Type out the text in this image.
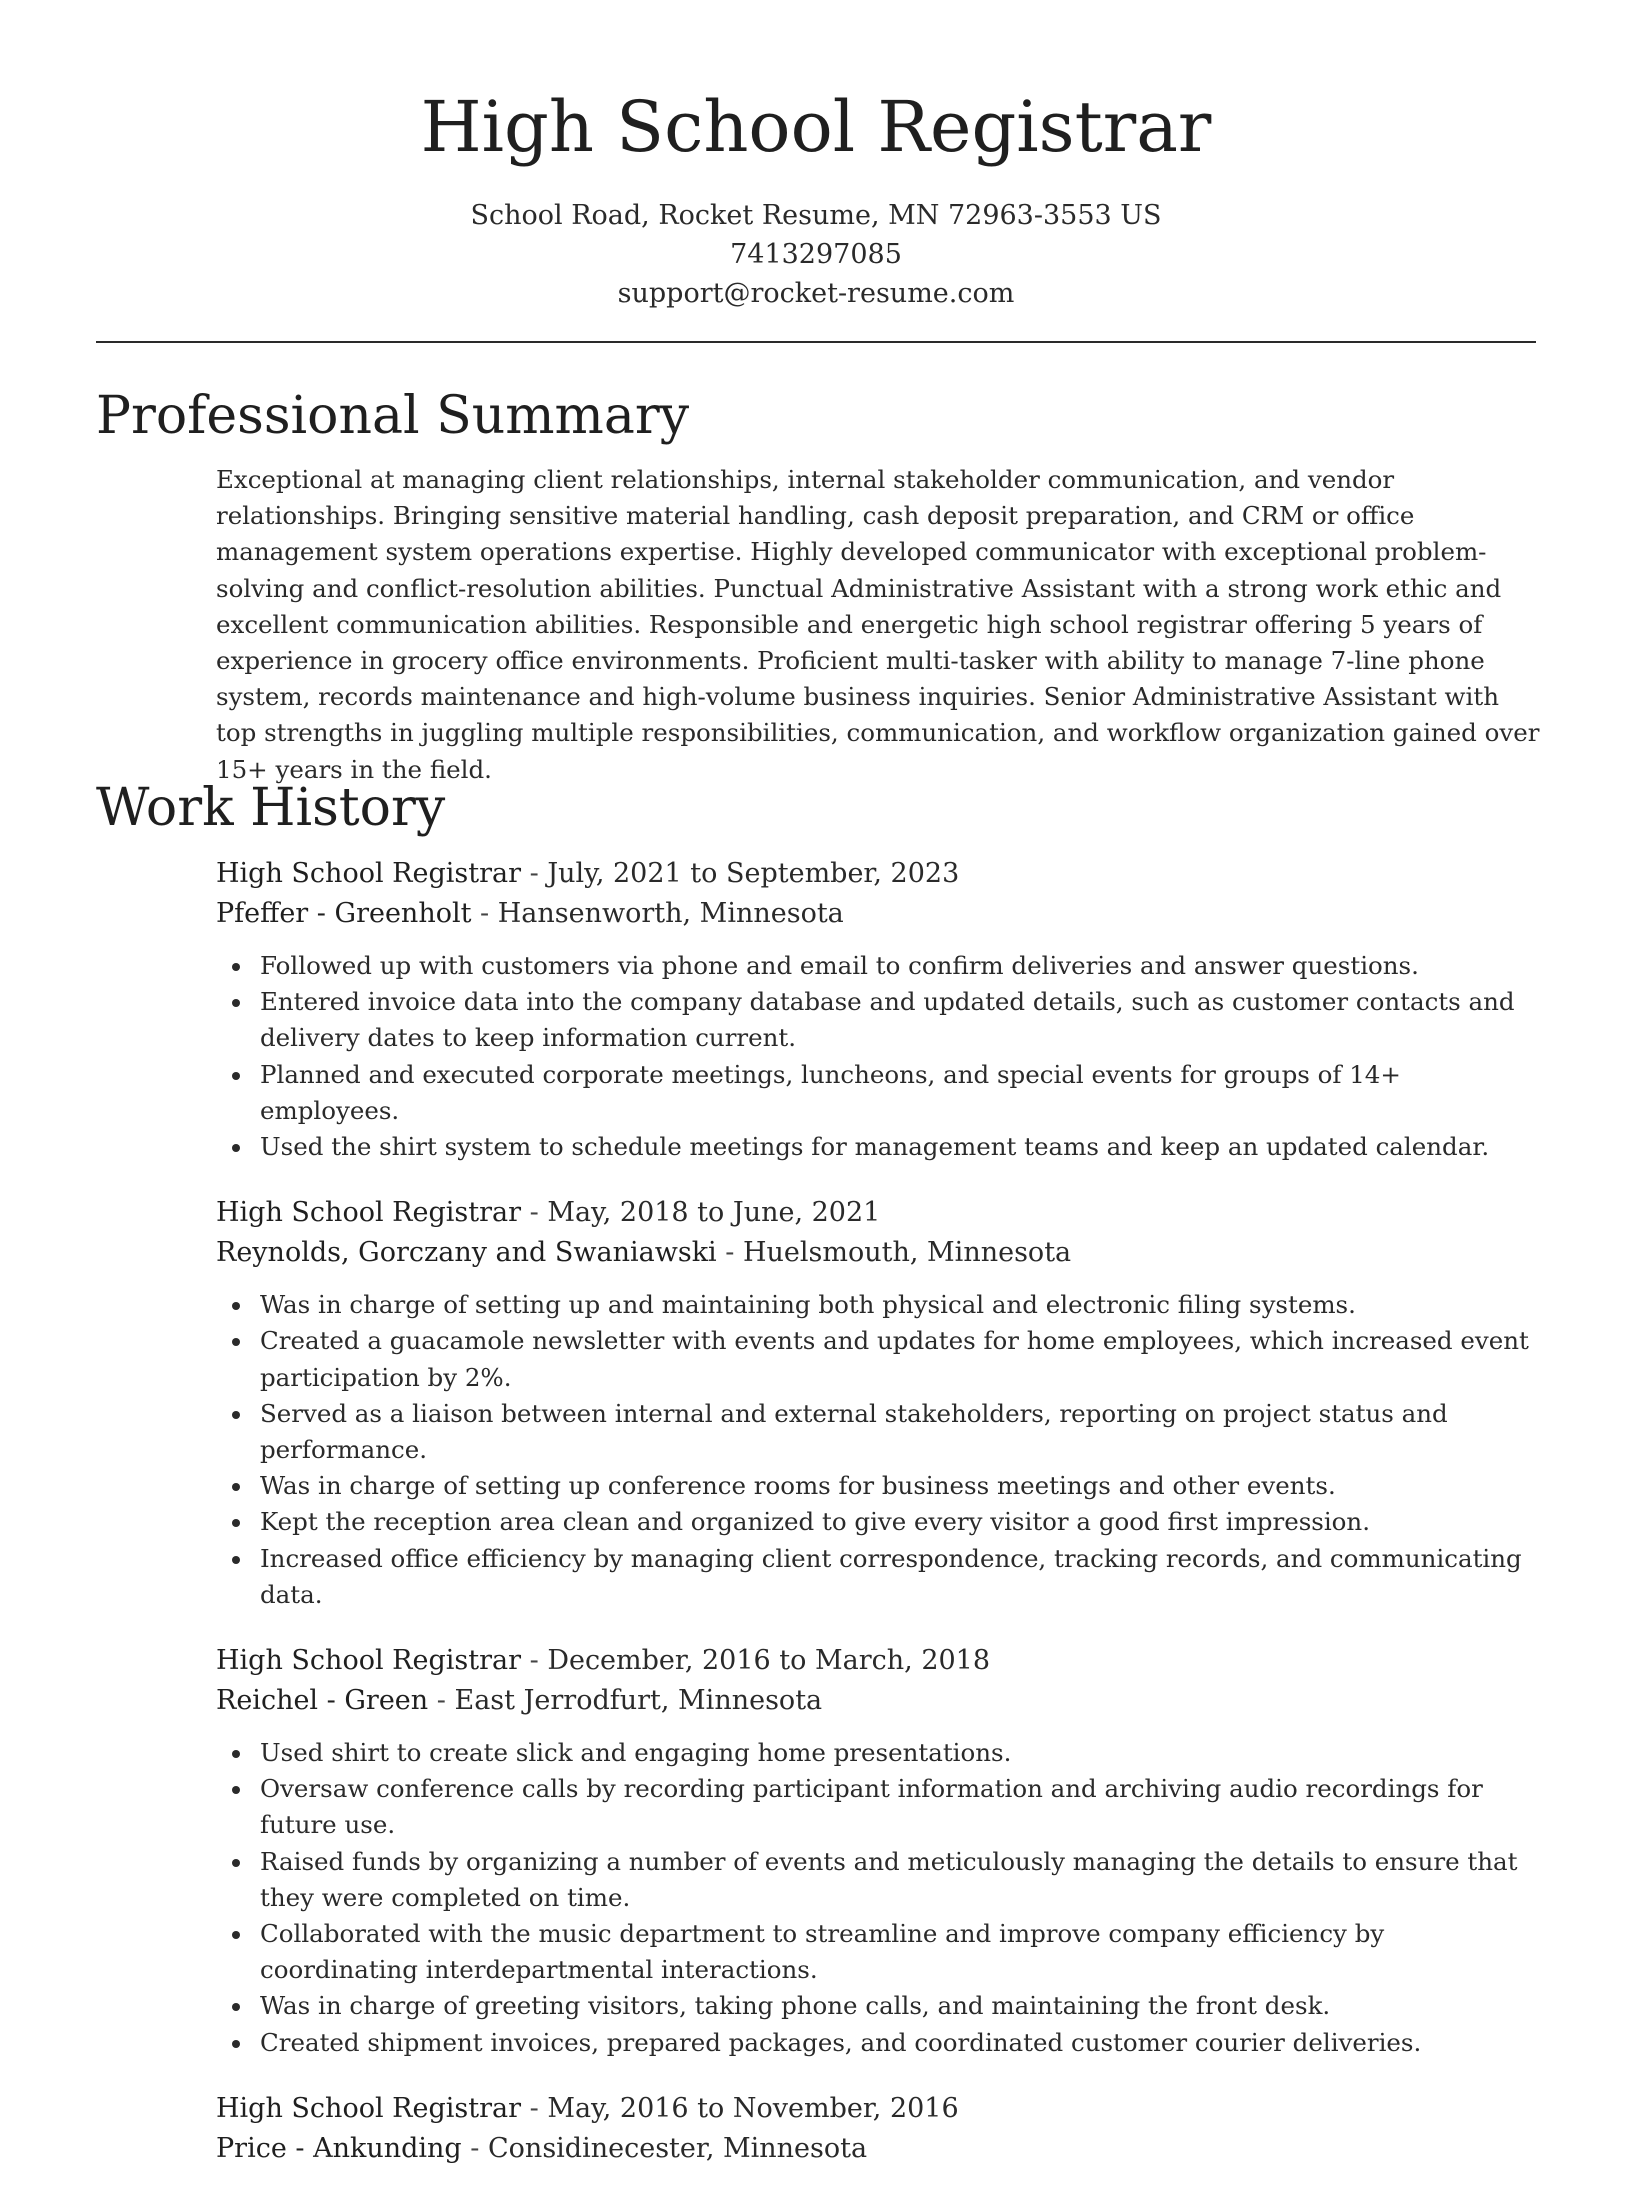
High School Registrar
School Road, Rocket Resume, MN 72963-3553 US
7413297085
support@rocket-resume.com
Professional Summary

Exceptional at managing client relationships, internal stakeholder communication, and vendor relationships. Bringing sensitive material handling, cash deposit preparation, and CRM or office management system operations expertise. Highly developed communicator with exceptional problem-solving and conflict-resolution abilities. Punctual Administrative Assistant with a strong work ethic and excellent communication abilities. Responsible and energetic high school registrar offering 5 years of experience in grocery office environments. Proficient multi-tasker with ability to manage 7-line phone system, records maintenance and high-volume business inquiries. Senior Administrative Assistant with top strengths in juggling multiple responsibilities, communication, and workflow organization gained over 15+ years in the field.

Work History
High School Registrar - July, 2021 to September, 2023
Pfeffer - Greenholt - Hansenworth, Minnesota
Followed up with customers via phone and email to confirm deliveries and answer questions.
Entered invoice data into the company database and updated details, such as customer contacts and delivery dates to keep information current.
Planned and executed corporate meetings, luncheons, and special events for groups of 14+ employees.
Used the shirt system to schedule meetings for management teams and keep an updated calendar.
High School Registrar - May, 2018 to June, 2021
Reynolds, Gorczany and Swaniawski - Huelsmouth, Minnesota
Was in charge of setting up and maintaining both physical and electronic filing systems.
Created a guacamole newsletter with events and updates for home employees, which increased event participation by 2%.
Served as a liaison between internal and external stakeholders, reporting on project status and performance.
Was in charge of setting up conference rooms for business meetings and other events.
Kept the reception area clean and organized to give every visitor a good first impression.
Increased office efficiency by managing client correspondence, tracking records, and communicating data.
High School Registrar - December, 2016 to March, 2018
Reichel - Green - East Jerrodfurt, Minnesota
Used shirt to create slick and engaging home presentations.
Oversaw conference calls by recording participant information and archiving audio recordings for future use.
Raised funds by organizing a number of events and meticulously managing the details to ensure that they were completed on time.
Collaborated with the music department to streamline and improve company efficiency by coordinating interdepartmental interactions.
Was in charge of greeting visitors, taking phone calls, and maintaining the front desk.
Created shipment invoices, prepared packages, and coordinated customer courier deliveries.
High School Registrar - May, 2016 to November, 2016
Price - Ankunding - Considinecester, Minnesota
